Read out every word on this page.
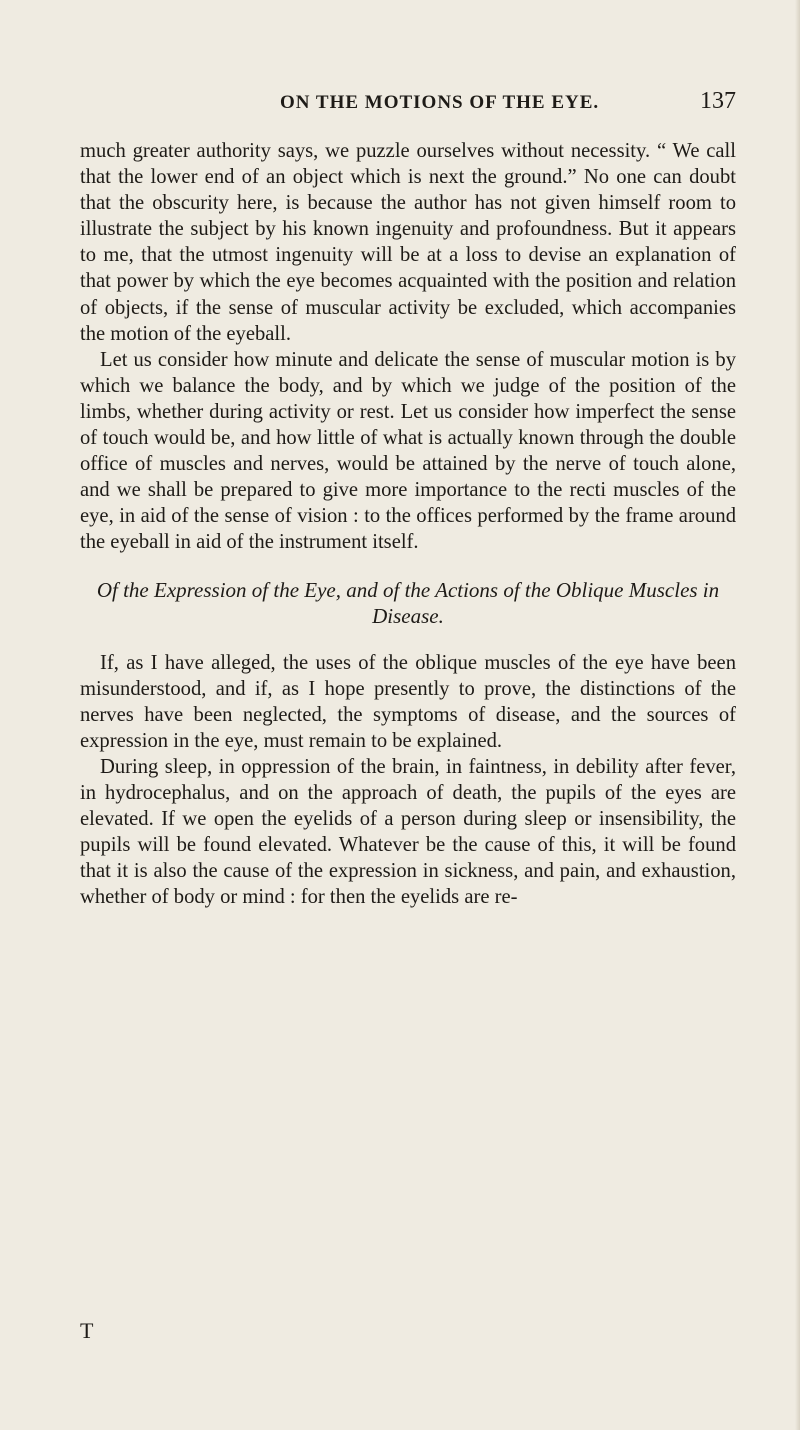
ON THE MOTIONS OF THE EYE.	137

much greater authority says, we puzzle ourselves without necessity. “ We call that the lower end of an object which is next the ground.” No one can doubt that the obscurity here, is because the author has not given himself room to illustrate the subject by his known ingenuity and profoundness. But it appears to me, that the utmost ingenuity will be at a loss to devise an explanation of that power by which the eye becomes acquainted with the position and relation of objects, if the sense of muscular activity be excluded, which accompanies the motion of the eyeball.

Let us consider how minute and delicate the sense of muscular motion is by which we balance the body, and by which we judge of the position of the limbs, whether during activity or rest. Let us consider how imperfect the sense of touch would be, and how little of what is actually known through the double office of muscles and nerves, would be attained by the nerve of touch alone, and we shall be prepared to give more importance to the recti muscles of the eye, in aid of the sense of vision : to the offices performed by the frame around the eyeball in aid of the instrument itself.

Of the Expression of the Eye, and of the Actions of the Oblique Muscles in Disease.

If, as I have alleged, the uses of the oblique muscles of the eye have been misunderstood, and if, as I hope presently to prove, the distinctions of the nerves have been neglected, the symptoms of disease, and the sources of expression in the eye, must remain to be explained.

During sleep, in oppression of the brain, in faintness, in debility after fever, in hydrocephalus, and on the approach of death, the pupils of the eyes are elevated. If we open the eyelids of a person during sleep or insensibility, the pupils will be found elevated. Whatever be the cause of this, it will be found that it is also the cause of the expression in sickness, and pain, and exhaustion, whether of body or mind : for then the eyelids are re-

T
